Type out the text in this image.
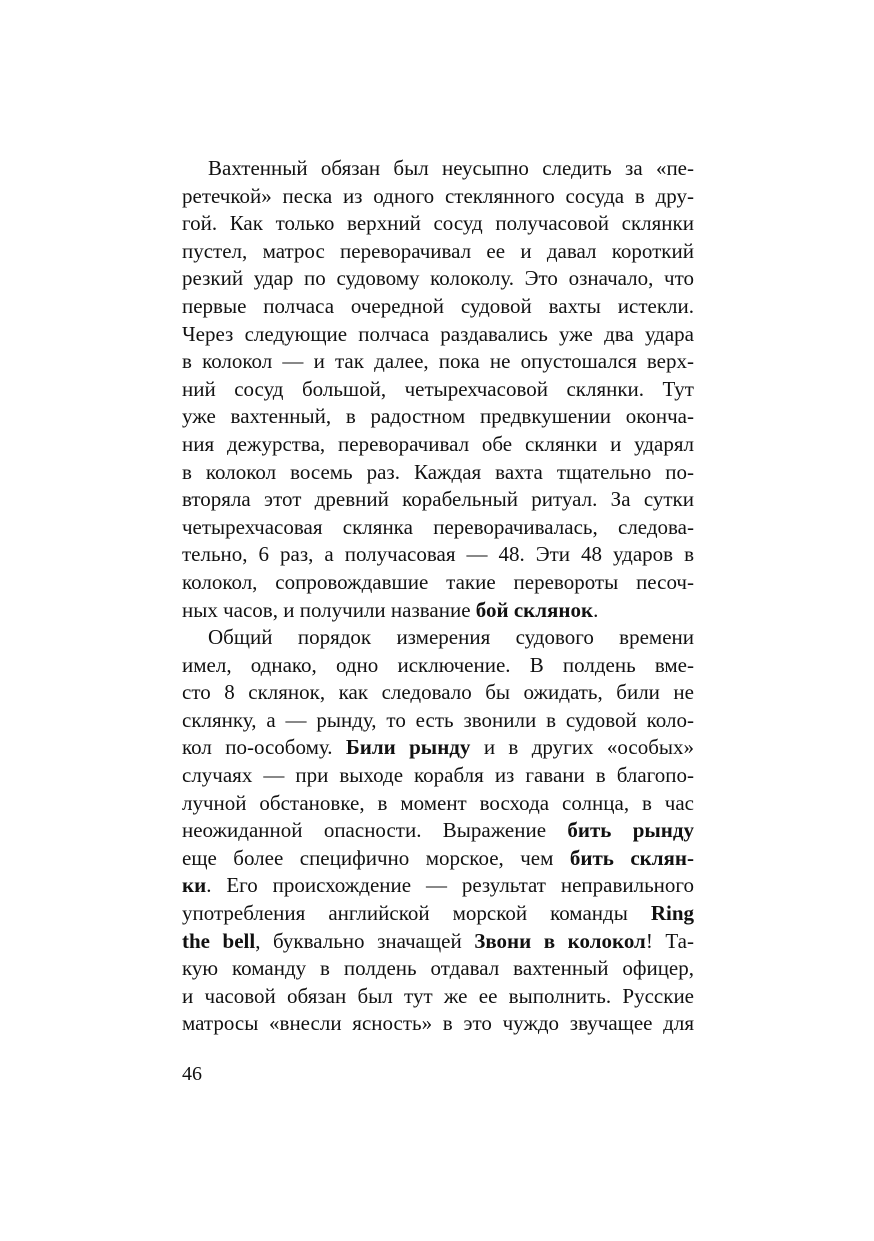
Вахтенный обязан был неусыпно следить за «пе-
ретечкой» песка из одного стеклянного сосуда в дру-
гой. Как только верхний сосуд получасовой склянки
пустел, матрос переворачивал ее и давал короткий
резкий удар по судовому колоколу. Это означало, что
первые полчаса очередной судовой вахты истекли.
Через следующие полчаса раздавались уже два удара
в колокол — и так далее, пока не опустошался верх-
ний сосуд большой, четырехчасовой склянки. Тут
уже вахтенный, в радостном предвкушении оконча-
ния дежурства, переворачивал обе склянки и ударял
в колокол восемь раз. Каждая вахта тщательно по-
вторяла этот древний корабельный ритуал. За сутки
четырехчасовая склянка переворачивалась, следова-
тельно, 6 раз, а получасовая — 48. Эти 48 ударов в
колокол, сопровождавшие такие перевороты песоч-
ных часов, и получили название бой склянок.

Общий порядок измерения судового времени
имел, однако, одно исключение. В полдень вме-
сто 8 склянок, как следовало бы ожидать, били не
склянку, а — рынду, то есть звонили в судовой коло-
кол по-особому. Били рынду и в других «особых»
случаях — при выходе корабля из гавани в благопо-
лучной обстановке, в момент восхода солнца, в час
неожиданной опасности. Выражение бить рынду
еще более специфично морское, чем бить склян-
ки. Его происхождение — результат неправильного
употребления английской морской команды Ring
the bell, буквально значащей Звони в колокол! Та-
кую команду в полдень отдавал вахтенный офицер,
и часовой обязан был тут же ее выполнить. Русские
матросы «внесли ясность» в это чуждо звучащее для

46
